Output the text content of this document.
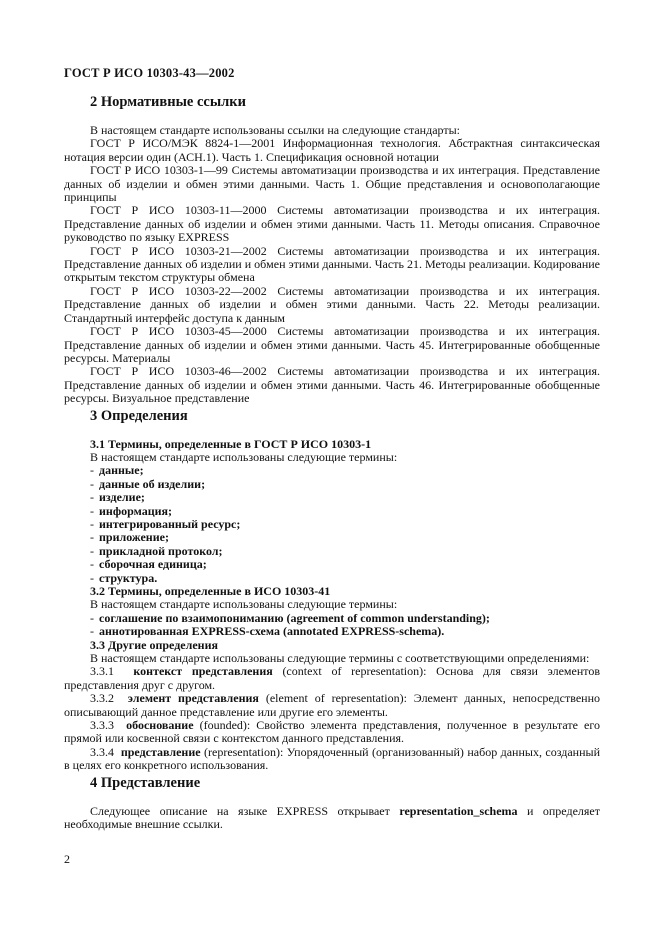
ГОСТ Р ИСО 10303-43—2002
2 Нормативные ссылки

В настоящем стандарте использованы ссылки на следующие стандарты:

ГОСТ Р ИСО/МЭК 8824-1—2001 Информационная технология. Абстрактная синтаксическая нотация версии один (АСН.1). Часть 1. Спецификация основной нотации

ГОСТ Р ИСО 10303-1—99 Системы автоматизации производства и их интеграция. Представление данных об изделии и обмен этими данными. Часть 1. Общие представления и основополагающие принципы

ГОСТ Р ИСО 10303-11—2000 Системы автоматизации производства и их интеграция. Представление данных об изделии и обмен этими данными. Часть 11. Методы описания. Справочное руководство по языку EXPRESS

ГОСТ Р ИСО 10303-21—2002 Системы автоматизации производства и их интеграция. Представление данных об изделии и обмен этими данными. Часть 21. Методы реализации. Кодирование открытым текстом структуры обмена

ГОСТ Р ИСО 10303-22—2002 Системы автоматизации производства и их интеграция. Представление данных об изделии и обмен этими данными. Часть 22. Методы реализации. Стандартный интерфейс доступа к данным

ГОСТ Р ИСО 10303-45—2000 Системы автоматизации производства и их интеграция. Представление данных об изделии и обмен этими данными. Часть 45. Интегрированные обобщенные ресурсы. Материалы

ГОСТ Р ИСО 10303-46—2002 Системы автоматизации производства и их интеграция. Представление данных об изделии и обмен этими данными. Часть 46. Интегрированные обобщенные ресурсы. Визуальное представление

3 Определения
3.1 Термины, определенные в ГОСТ Р ИСО 10303-1

В настоящем стандарте использованы следующие термины:

- данные;
- данные об изделии;
- изделие;
- информация;
- интегрированный ресурс;
- приложение;
- прикладной протокол;
- сборочная единица;
- структура.
3.2 Термины, определенные в ИСО 10303-41

В настоящем стандарте использованы следующие термины:

- соглашение по взаимопониманию (agreement of common understanding);
- аннотированная EXPRESS-схема (annotated EXPRESS-schema).
3.3 Другие определения

В настоящем стандарте использованы следующие термины с соответствующими определениями:

3.3.1 контекст представления (context of representation): Основа для связи элементов представления друг с другом.

3.3.2 элемент представления (element of representation): Элемент данных, непосредственно описывающий данное представление или другие его элементы.

3.3.3 обоснование (founded): Свойство элемента представления, полученное в результате его прямой или косвенной связи с контекстом данного представления.

3.3.4 представление (representation): Упорядоченный (организованный) набор данных, созданный в целях его конкретного использования.

4 Представление

Следующее описание на языке EXPRESS открывает representation_schema и определяет необходимые внешние ссылки.

2
